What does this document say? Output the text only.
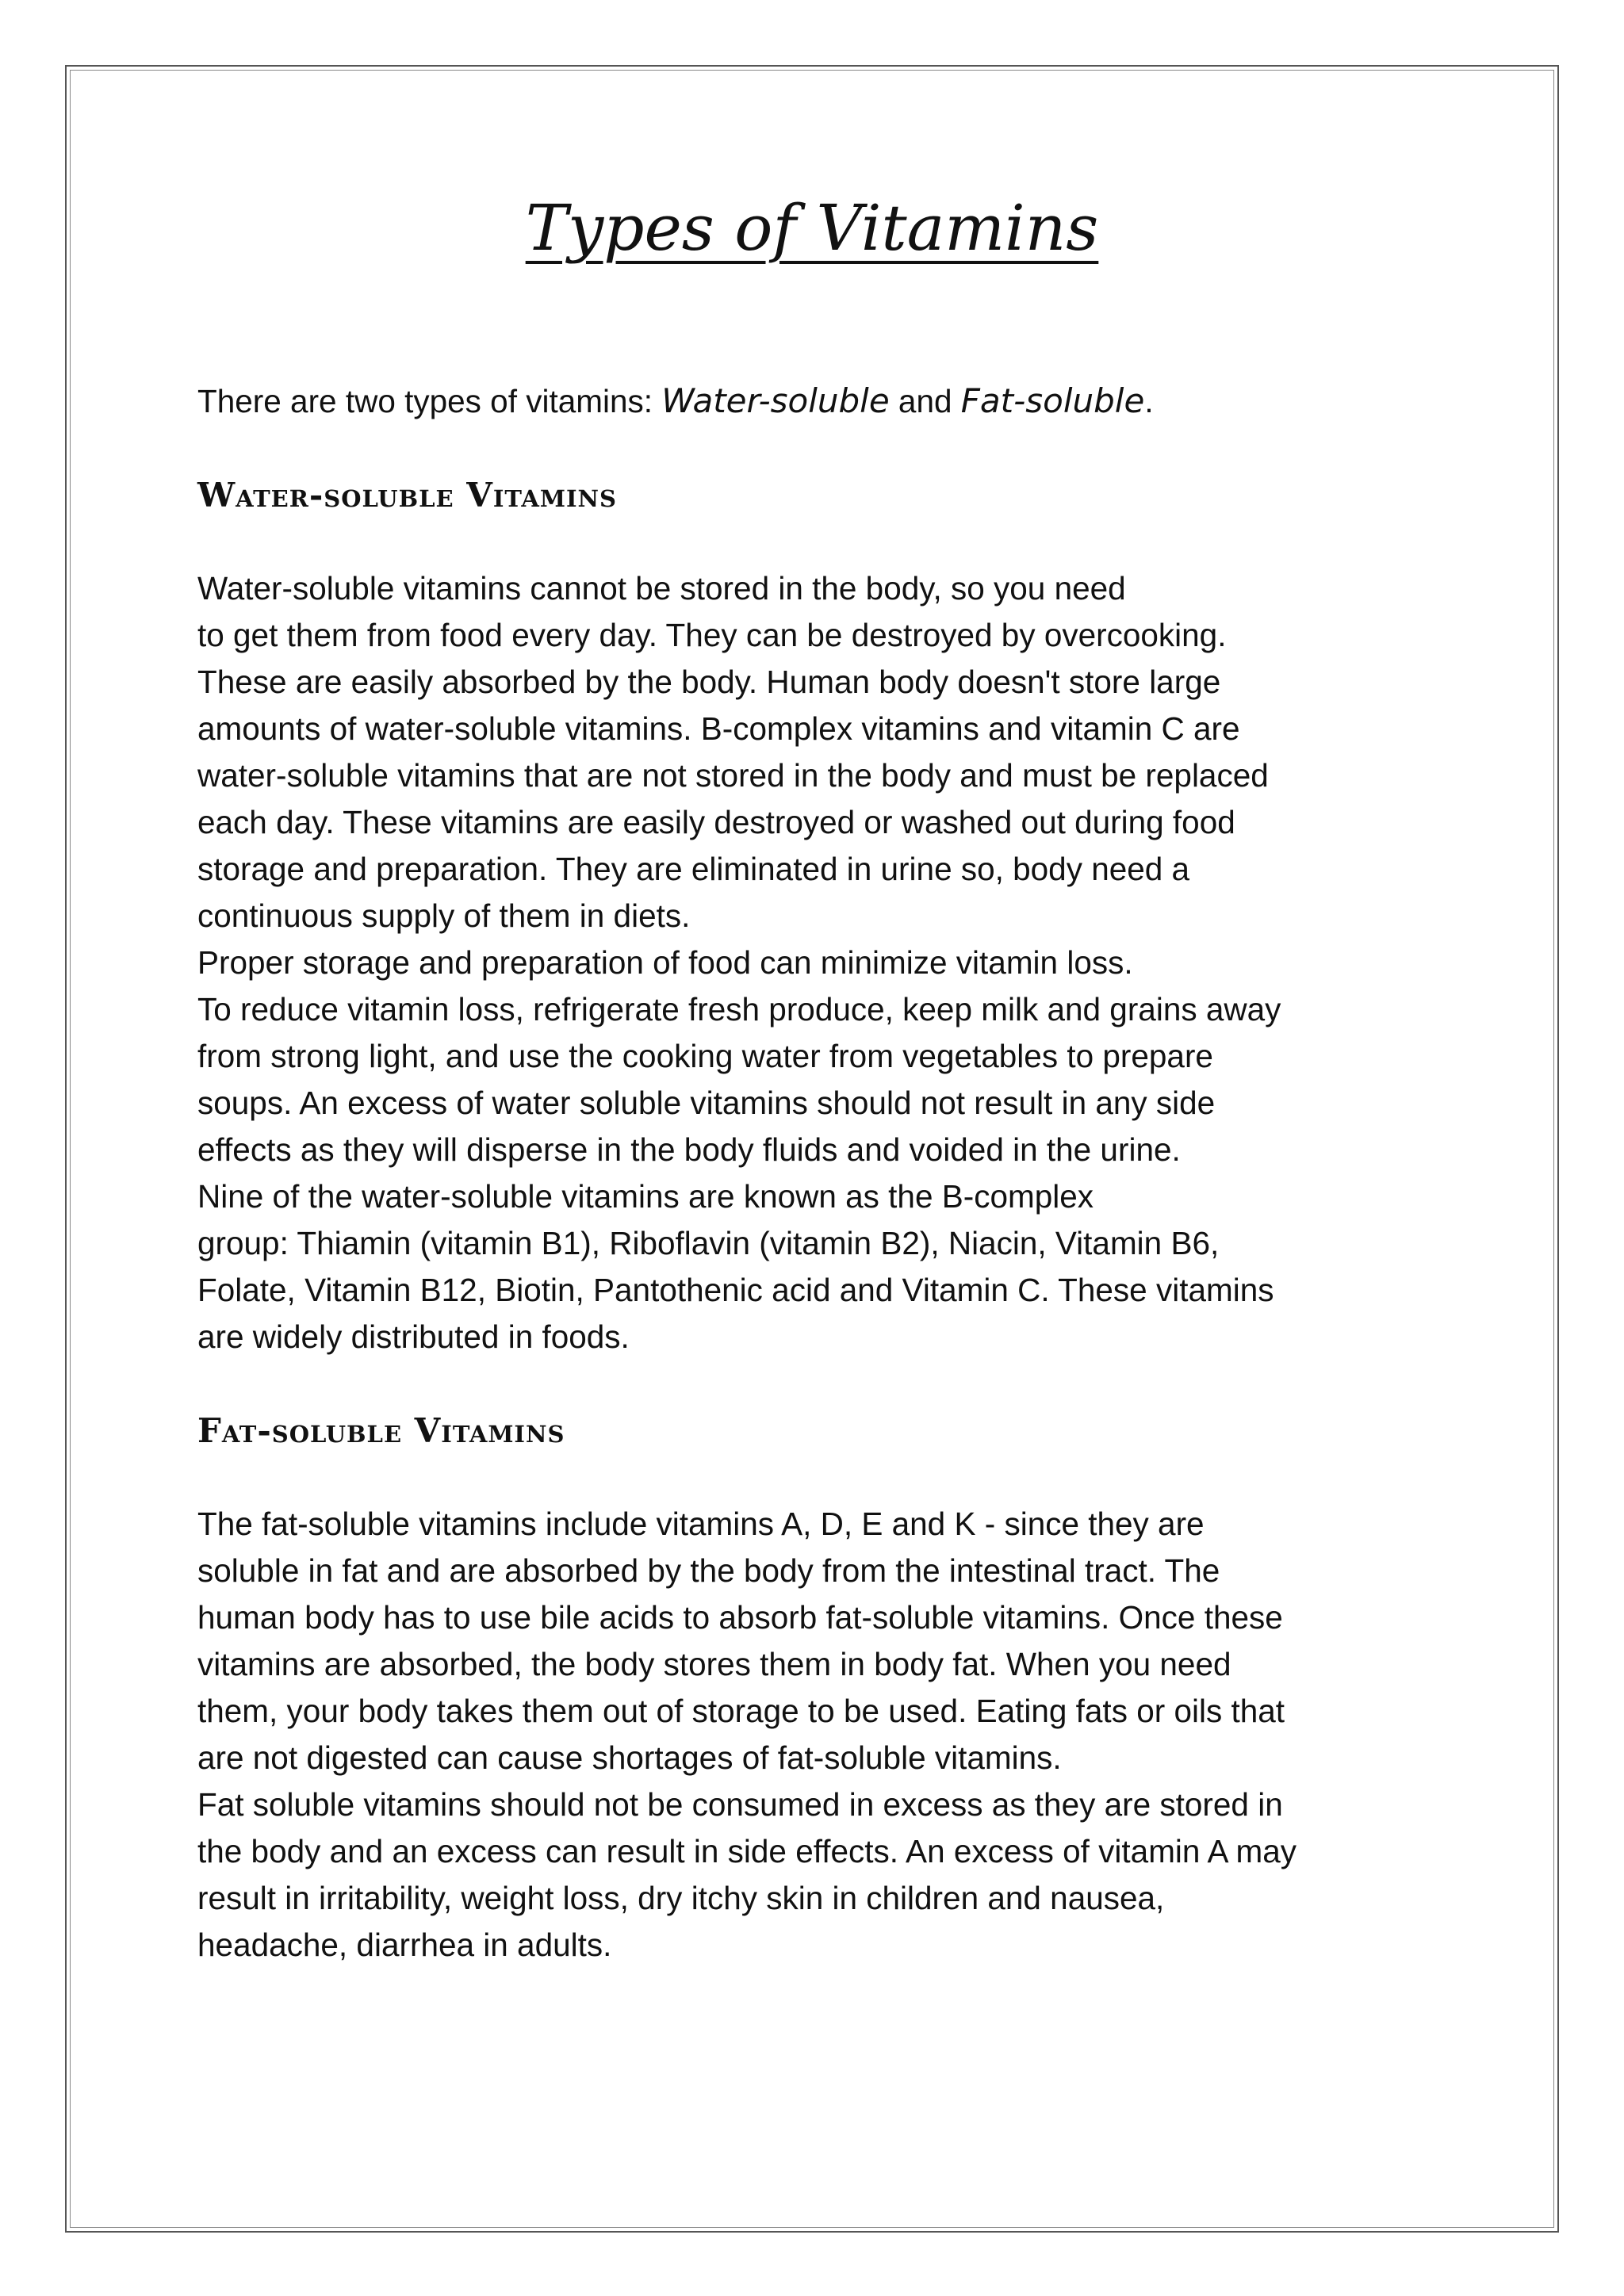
Types of Vitamins

There are two types of vitamins: Water-soluble and Fat-soluble.

Water-soluble Vitamins

Water-soluble vitamins cannot be stored in the body, so you need

to get them from food every day. They can be destroyed by overcooking.

These are easily absorbed by the body. Human body doesn't store large

amounts of water-soluble vitamins. B-complex vitamins and vitamin C are

water-soluble vitamins that are not stored in the body and must be replaced

each day. These vitamins are easily destroyed or washed out during food

storage and preparation. They are eliminated in urine so, body need a

continuous supply of them in diets.

Proper storage and preparation of food can minimize vitamin loss.

To reduce vitamin loss, refrigerate fresh produce, keep milk and grains away

from strong light, and use the cooking water from vegetables to prepare

soups. An excess of water soluble vitamins should not result in any side

effects as they will disperse in the body fluids and voided in the urine.

Nine of the water-soluble vitamins are known as the B-complex

group: Thiamin (vitamin B1), Riboflavin (vitamin B2), Niacin, Vitamin B6,

Folate, Vitamin B12, Biotin, Pantothenic acid and Vitamin C. These vitamins

are widely distributed in foods.

Fat-soluble Vitamins

The fat-soluble vitamins include vitamins A, D, E and K - since they are

soluble in fat and are absorbed by the body from the intestinal tract. The

human body has to use bile acids to absorb fat-soluble vitamins. Once these

vitamins are absorbed, the body stores them in body fat. When you need

them, your body takes them out of storage to be used. Eating fats or oils that

are not digested can cause shortages of fat-soluble vitamins.

Fat soluble vitamins should not be consumed in excess as they are stored in

the body and an excess can result in side effects. An excess of vitamin A may

result in irritability, weight loss, dry itchy skin in children and nausea,

headache, diarrhea in adults.
